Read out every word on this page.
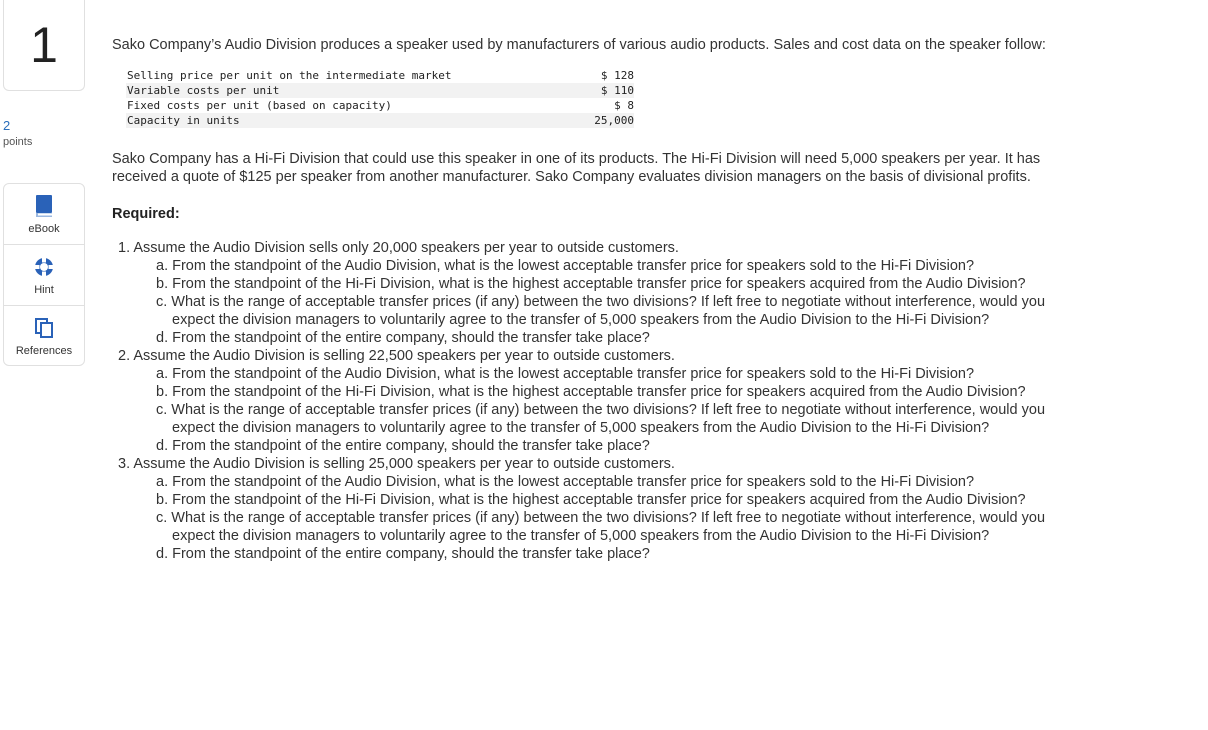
1
2
points
eBook
Hint
References

Sako Company’s Audio Division produces a speaker used by manufacturers of various audio products. Sales and cost data on the speaker follow:

Selling price per unit on the intermediate market	$ 128
Variable costs per unit	$ 110
Fixed costs per unit (based on capacity)	$ 8
Capacity in units	25,000

Sako Company has a Hi-Fi Division that could use this speaker in one of its products. The Hi-Fi Division will need 5,000 speakers per year. It has received a quote of $125 per speaker from another manufacturer. Sako Company evaluates division managers on the basis of divisional profits.

Required:

1. Assume the Audio Division sells only 20,000 speakers per year to outside customers.
a. From the standpoint of the Audio Division, what is the lowest acceptable transfer price for speakers sold to the Hi-Fi Division?
b. From the standpoint of the Hi-Fi Division, what is the highest acceptable transfer price for speakers acquired from the Audio Division?
c. What is the range of acceptable transfer prices (if any) between the two divisions? If left free to negotiate without interference, would you expect the division managers to voluntarily agree to the transfer of 5,000 speakers from the Audio Division to the Hi-Fi Division?
d. From the standpoint of the entire company, should the transfer take place?
2. Assume the Audio Division is selling 22,500 speakers per year to outside customers.
a. From the standpoint of the Audio Division, what is the lowest acceptable transfer price for speakers sold to the Hi-Fi Division?
b. From the standpoint of the Hi-Fi Division, what is the highest acceptable transfer price for speakers acquired from the Audio Division?
c. What is the range of acceptable transfer prices (if any) between the two divisions? If left free to negotiate without interference, would you expect the division managers to voluntarily agree to the transfer of 5,000 speakers from the Audio Division to the Hi-Fi Division?
d. From the standpoint of the entire company, should the transfer take place?
3. Assume the Audio Division is selling 25,000 speakers per year to outside customers.
a. From the standpoint of the Audio Division, what is the lowest acceptable transfer price for speakers sold to the Hi-Fi Division?
b. From the standpoint of the Hi-Fi Division, what is the highest acceptable transfer price for speakers acquired from the Audio Division?
c. What is the range of acceptable transfer prices (if any) between the two divisions? If left free to negotiate without interference, would you expect the division managers to voluntarily agree to the transfer of 5,000 speakers from the Audio Division to the Hi-Fi Division?
d. From the standpoint of the entire company, should the transfer take place?
